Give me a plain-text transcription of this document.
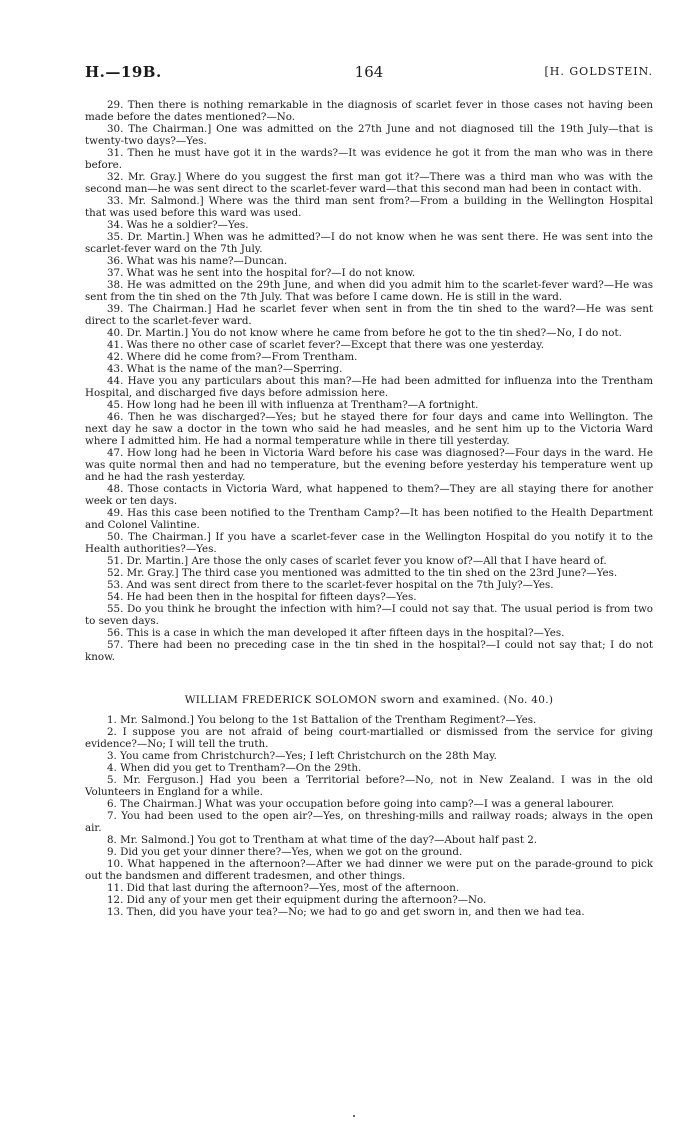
H.—19B.	164	[H. GOLDSTEIN.

29. Then there is nothing remarkable in the diagnosis of scarlet fever in those cases not having been made before the dates mentioned?—No.

30. The Chairman.] One was admitted on the 27th June and not diagnosed till the 19th July—that is twenty-two days?—Yes.

31. Then he must have got it in the wards?—It was evidence he got it from the man who was in there before.

32. Mr. Gray.] Where do you suggest the first man got it?—There was a third man who was with the second man—he was sent direct to the scarlet-fever ward—that this second man had been in contact with.

33. Mr. Salmond.] Where was the third man sent from?—From a building in the Wellington Hospital that was used before this ward was used.

34. Was he a soldier?—Yes.

35. Dr. Martin.] When was he admitted?—I do not know when he was sent there. He was sent into the scarlet-fever ward on the 7th July.

36. What was his name?—Duncan.

37. What was he sent into the hospital for?—I do not know.

38. He was admitted on the 29th June, and when did you admit him to the scarlet-fever ward?—He was sent from the tin shed on the 7th July. That was before I came down. He is still in the ward.

39. The Chairman.] Had he scarlet fever when sent in from the tin shed to the ward?—He was sent direct to the scarlet-fever ward.

40. Dr. Martin.] You do not know where he came from before he got to the tin shed?—No, I do not.

41. Was there no other case of scarlet fever?—Except that there was one yesterday.

42. Where did he come from?—From Trentham.

43. What is the name of the man?—Sperring.

44. Have you any particulars about this man?—He had been admitted for influenza into the Trentham Hospital, and discharged five days before admission here.

45. How long had he been ill with influenza at Trentham?—A fortnight.

46. Then he was discharged?—Yes; but he stayed there for four days and came into Wellington. The next day he saw a doctor in the town who said he had measles, and he sent him up to the Victoria Ward where I admitted him. He had a normal temperature while in there till yesterday.

47. How long had he been in Victoria Ward before his case was diagnosed?—Four days in the ward. He was quite normal then and had no temperature, but the evening before yesterday his temperature went up and he had the rash yesterday.

48. Those contacts in Victoria Ward, what happened to them?—They are all staying there for another week or ten days.

49. Has this case been notified to the Trentham Camp?—It has been notified to the Health Department and Colonel Valintine.

50. The Chairman.] If you have a scarlet-fever case in the Wellington Hospital do you notify it to the Health authorities?—Yes.

51. Dr. Martin.] Are those the only cases of scarlet fever you know of?—All that I have heard of.

52. Mr. Gray.] The third case you mentioned was admitted to the tin shed on the 23rd June?—Yes.

53. And was sent direct from there to the scarlet-fever hospital on the 7th July?—Yes.

54. He had been then in the hospital for fifteen days?—Yes.

55. Do you think he brought the infection with him?—I could not say that. The usual period is from two to seven days.

56. This is a case in which the man developed it after fifteen days in the hospital?—Yes.

57. There had been no preceding case in the tin shed in the hospital?—I could not say that; I do not know.

WILLIAM FREDERICK SOLOMON sworn and examined. (No. 40.)

1. Mr. Salmond.] You belong to the 1st Battalion of the Trentham Regiment?—Yes.

2. I suppose you are not afraid of being court-martialled or dismissed from the service for giving evidence?—No; I will tell the truth.

3. You came from Christchurch?—Yes; I left Christchurch on the 28th May.

4. When did you get to Trentham?—On the 29th.

5. Mr. Ferguson.] Had you been a Territorial before?—No, not in New Zealand. I was in the old Volunteers in England for a while.

6. The Chairman.] What was your occupation before going into camp?—I was a general labourer.

7. You had been used to the open air?—Yes, on threshing-mills and railway roads; always in the open air.

8. Mr. Salmond.] You got to Trentham at what time of the day?—About half past 2.

9. Did you get your dinner there?—Yes, when we got on the ground.

10. What happened in the afternoon?—After we had dinner we were put on the parade-ground to pick out the bandsmen and different tradesmen, and other things.

11. Did that last during the afternoon?—Yes, most of the afternoon.

12. Did any of your men get their equipment during the afternoon?—No.

13. Then, did you have your tea?—No; we had to go and get sworn in, and then we had tea.
